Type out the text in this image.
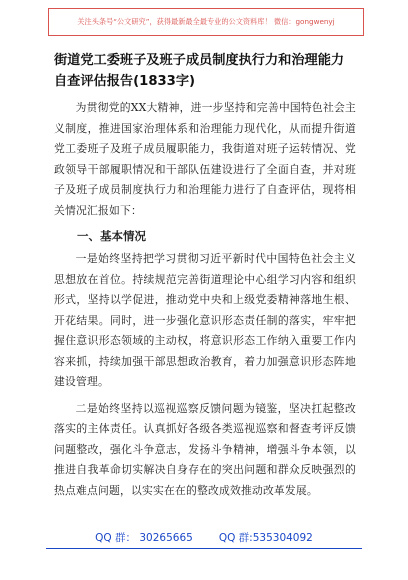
关注头条号“公文研究”，获得最新最全最专业的公文资料库！ 微信：gongwenyj
街道党工委班子及班子成员制度执行力和治理能力自查评估报告(1833字)

为贯彻党的XX大精神，进一步坚持和完善中国特色社会主义制度，推进国家治理体系和治理能力现代化，从而提升街道党工委班子及班子成员履职能力，我街道对班子运转情况、党政领导干部履职情况和干部队伍建设进行了全面自查，并对班子及班子成员制度执行力和治理能力进行了自查评估，现将相关情况汇报如下：

一、基本情况

一是始终坚持把学习贯彻习近平新时代中国特色社会主义思想放在首位。持续规范完善街道理论中心组学习内容和组织形式，坚持以学促进，推动党中央和上级党委精神落地生根、开花结果。同时，进一步强化意识形态责任制的落实，牢牢把握住意识形态领域的主动权，将意识形态工作纳入重要工作内容来抓，持续加强干部思想政治教育，着力加强意识形态阵地建设管理。

二是始终坚持以巡视巡察反馈问题为镜鉴，坚决扛起整改落实的主体责任。认真抓好各级各类巡视巡察和督查考评反馈问题整改，强化斗争意志，发扬斗争精神，增强斗争本领，以推进自我革命切实解决自身存在的突出问题和群众反映强烈的热点难点问题，以实实在在的整改成效推动改革发展。

QQ 群： 30265665 QQ 群:535304092
